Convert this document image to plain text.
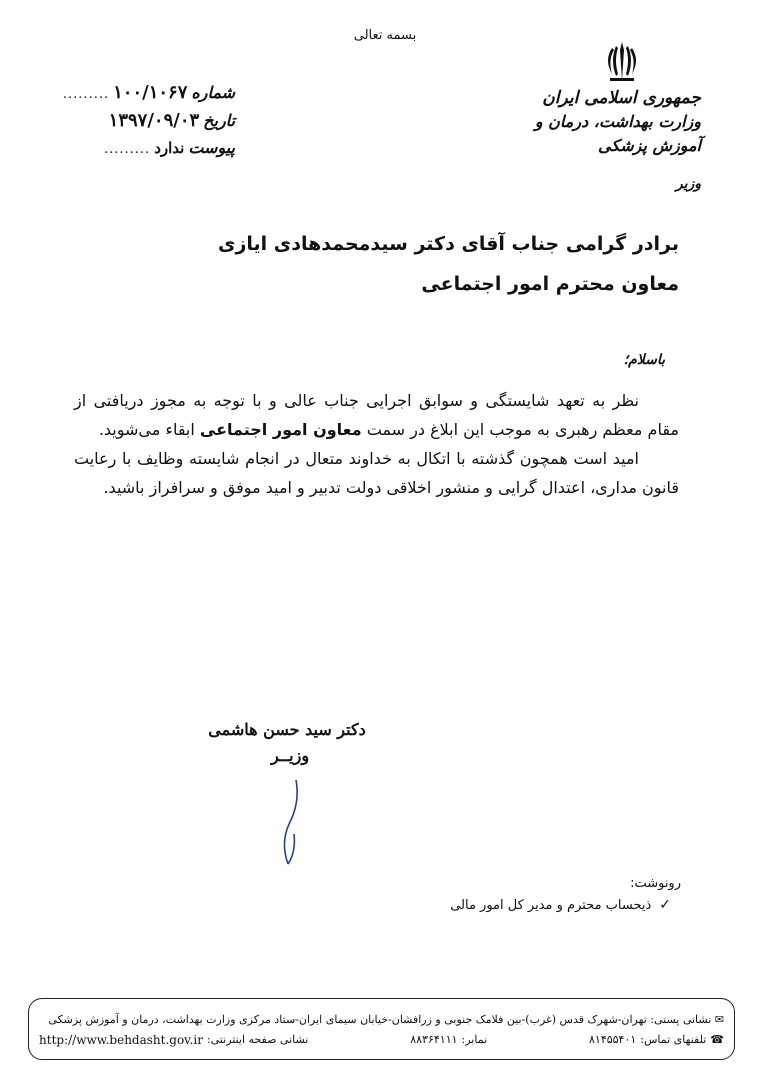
بسمه تعالی
جمهوری اسلامی ایران
وزارت بهداشت، درمان و آموزش پزشکی
وزیر
شماره
۱۰۰/۱۰۶۷
.........
تاریخ
۱۳۹۷/۰۹/۰۳
پیوست
ندارد
.........
برادر گرامی جناب آقای دکتر سیدمحمدهادی ایازی
معاون محترم امور اجتماعی
باسلام؛

نظر به تعهد شایستگی و سوابق اجرایی جناب عالی و با توجه به مجوز دریافتی از مقام معظم رهبری به موجب این ابلاغ در سمت معاون امور اجتماعی ابقاء می‌شوید.

امید است همچون گذشته با اتکال به خداوند متعال در انجام شایسته وظایف با رعایت قانون مداری، اعتدال گرایی و منشور اخلاقی دولت تدبیر و امید موفق و سرافراز باشید.

دکتر سید حسن هاشمی
وزیــر
رونوشت:
✓
ذیحساب محترم و مدیر کل امور مالی
✉ نشانی پستی: تهران-شهرک قدس (غرب)-بین فلامک جنوبی و زرافشان-خیابان سیمای ایران-ستاد مرکزی وزارت بهداشت، درمان و آموزش پزشکی
☎
تلفنهای تماس:
۸۱۴۵۵۴۰۱
نمابر:
۸۸۳۶۴۱۱۱
نشانی صفحه اینترنتی:
http://www.behdasht.gov.ir
